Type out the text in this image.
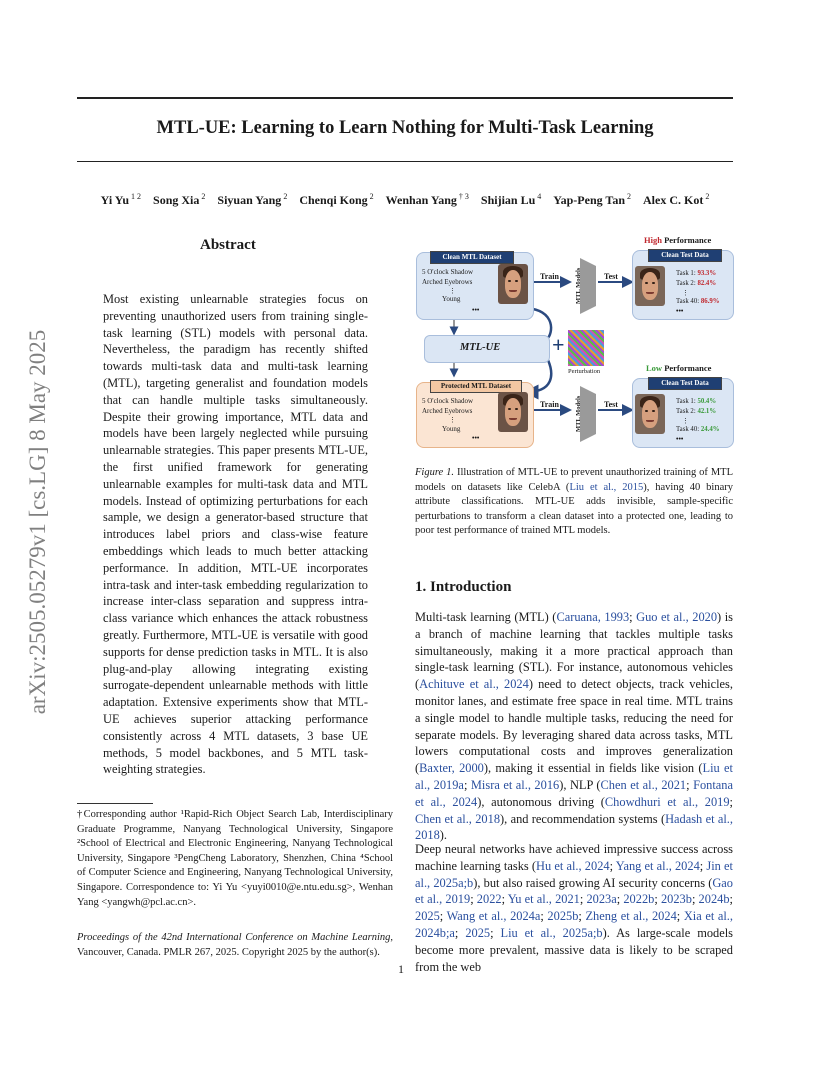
arXiv:2505.05279v1 [cs.LG] 8 May 2025
MTL-UE: Learning to Learn Nothing for Multi-Task Learning
Yi Yu $^{1 2}$  Song Xia $^2$  Siyuan Yang $^2$  Chenqi Kong $^2$  Wenhan Yang $^{\dagger 3}$  Shijian Lu $^4$  Yap-Peng Tan $^2$  Alex C. Kot $^2$
Abstract
Most existing unlearnable strategies focus on preventing unauthorized users from training single-task learning (STL) models with personal data. Nevertheless, the paradigm has recently shifted towards multi-task data and multi-task learning (MTL), targeting generalist and foundation models that can handle multiple tasks simultaneously. Despite their growing importance, MTL data and models have been largely neglected while pursuing unlearnable strategies. This paper presents MTL-UE, the first unified framework for generating unlearnable examples for multi-task data and MTL models. Instead of optimizing perturbations for each sample, we design a generator-based structure that introduces label priors and class-wise feature embeddings which leads to much better attacking performance. In addition, MTL-UE incorporates intra-task and inter-task embedding regularization to increase inter-class separation and suppress intra-class variance which enhances the attack robustness greatly. Furthermore, MTL-UE is versatile with good supports for dense prediction tasks in MTL. It is also plug-and-play allowing integrating existing surrogate-dependent unlearnable methods with little adaptation. Extensive experiments show that MTL-UE achieves superior attacking performance consistently across 4 MTL datasets, 3 base UE methods, 5 model backbones, and 5 MTL task-weighting strategies.
†Corresponding author ¹Rapid-Rich Object Search Lab, Interdisciplinary Graduate Programme, Nanyang Technological University, Singapore ²School of Electrical and Electronic Engineering, Nanyang Technological University, Singapore ³PengCheng Laboratory, Shenzhen, China ⁴School of Computer Science and Engineering, Nanyang Technological University, Singapore. Correspondence to: Yi Yu <yuyi0010@e.ntu.edu.sg>, Wenhan Yang <yangwh@pcl.ac.cn>.
Proceedings of the 42nd International Conference on Machine Learning, Vancouver, Canada. PMLR 267, 2025. Copyright 2025 by the author(s).
Clean MTL Dataset
5 O'clock Shadow
Arched Eyebrows
⋮
Young
•••
Train	Test
MTL Models
High Performance
Clean Test Data
Task 1: 93.3%
Task 2: 82.4%
⋮
Task 40: 86.9%
•••
MTL-UE +
Perturbation
Protected MTL Dataset
5 O'clock Shadow
Arched Eyebrows
⋮
Young
•••
Train	Test
MTL Models
Low Performance
Clean Test Data
Task 1: 50.4%
Task 2: 42.1%
⋮
Task 40: 24.4%
•••
Figure 1. Illustration of MTL-UE to prevent unauthorized training of MTL models on datasets like CelebA (Liu et al., 2015), having 40 binary attribute classifications. MTL-UE adds invisible, sample-specific perturbations to transform a clean dataset into a protected one, leading to poor test performance of trained MTL models.
1. Introduction
Multi-task learning (MTL) (Caruana, 1993; Guo et al., 2020) is a branch of machine learning that tackles multiple tasks simultaneously, making it a more practical approach than single-task learning (STL). For instance, autonomous vehicles (Achituve et al., 2024) need to detect objects, track vehicles, monitor lanes, and estimate free space in real time. MTL trains a single model to handle multiple tasks, reducing the need for separate models. By leveraging shared data across tasks, MTL lowers computational costs and improves generalization (Baxter, 2000), making it essential in fields like vision (Liu et al., 2019a; Misra et al., 2016), NLP (Chen et al., 2021; Fontana et al., 2024), autonomous driving (Chowdhuri et al., 2019; Chen et al., 2018), and recommendation systems (Hadash et al., 2018).
Deep neural networks have achieved impressive success across machine learning tasks (Hu et al., 2024; Yang et al., 2024; Jin et al., 2025a;b), but also raised growing AI security concerns (Gao et al., 2019; 2022; Yu et al., 2021; 2023a; 2022b; 2023b; 2024b; 2025; Wang et al., 2024a; 2025b; Zheng et al., 2024; Xia et al., 2024b;a; 2025; Liu et al., 2025a;b). As large-scale models become more prevalent, massive data is likely to be scraped from the web
1
